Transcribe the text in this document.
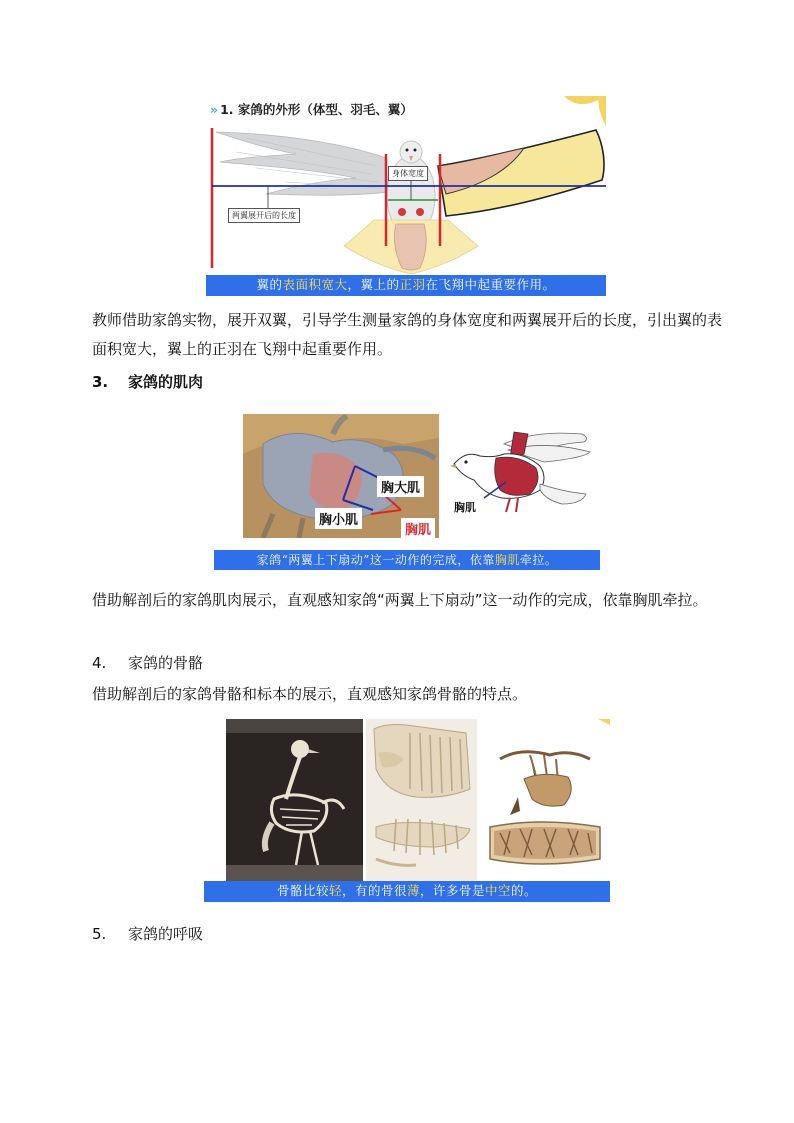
» 1. 家鸽的外形（体型、羽毛、翼）
身体宽度
两翼展开后的长度
翼的表面积宽大，翼上的正羽在飞翔中起重要作用。

教师借助家鸽实物，展开双翼，引导学生测量家鸽的身体宽度和两翼展开后的长度，引出翼的表面积宽大，翼上的正羽在飞翔中起重要作用。

3. 家鸽的肌肉
胸大肌
胸小肌
胸肌
胸肌
家鸽“两翼上下扇动”这一动作的完成，依靠胸肌牵拉。

借助解剖后的家鸽肌肉展示，直观感知家鸽“两翼上下扇动”这一动作的完成，依靠胸肌牵拉。

4. 家鸽的骨骼

借助解剖后的家鸽骨骼和标本的展示，直观感知家鸽骨骼的特点。

骨骼比较轻，有的骨很薄，许多骨是中空的。
5. 家鸽的呼吸
